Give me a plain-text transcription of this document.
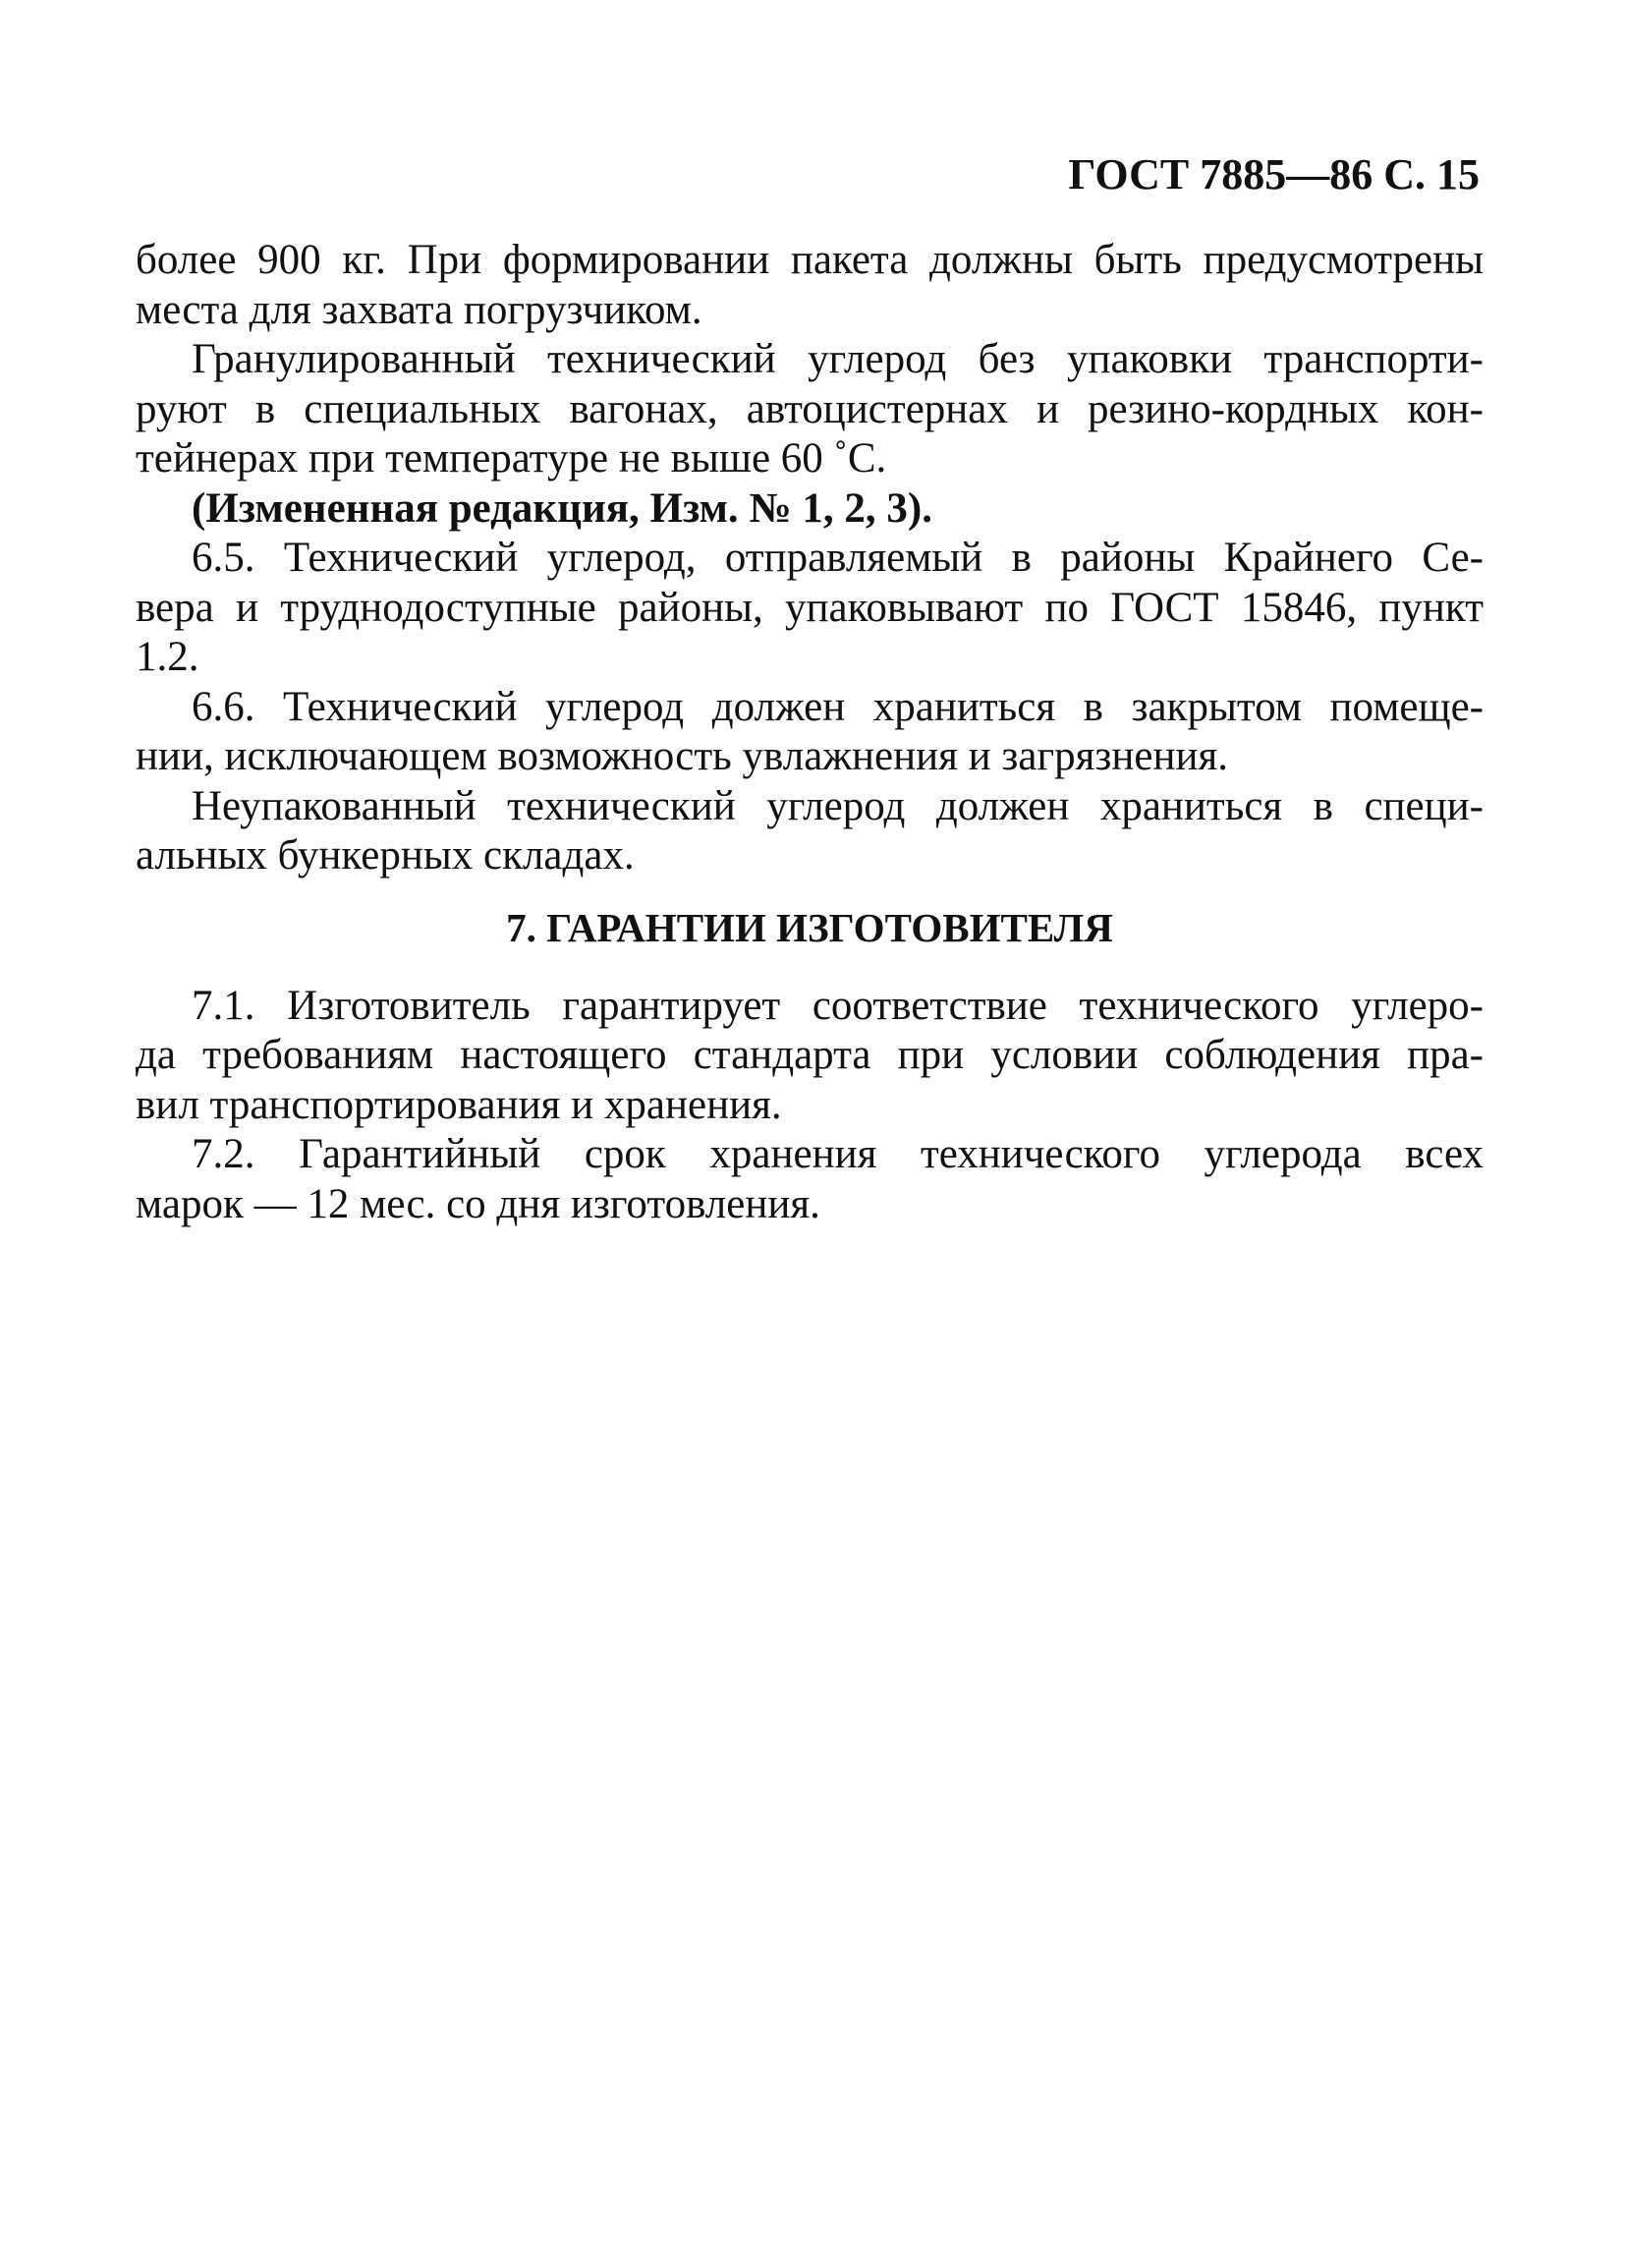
ГОСТ 7885—86 С. 15
более 900 кг. При формировании пакета должны быть предусмотрены
места для захвата погрузчиком.
Гранулированный технический углерод без упаковки транспорти-
руют в специальных вагонах, автоцистернах и резино-кордных кон-
тейнерах при температуре не выше 60 ˚С.
(Измененная редакция, Изм. № 1, 2, 3).
6.5. Технический углерод, отправляемый в районы Крайнего Се-
вера и труднодоступные районы, упаковывают по ГОСТ 15846, пункт
1.2.
6.6. Технический углерод должен храниться в закрытом помеще-
нии, исключающем возможность увлажнения и загрязнения.
Неупакованный технический углерод должен храниться в специ-
альных бункерных складах.
7. ГАРАНТИИ ИЗГОТОВИТЕЛЯ
7.1. Изготовитель гарантирует соответствие технического углеро-
да требованиям настоящего стандарта при условии соблюдения пра-
вил транспортирования и хранения.
7.2. Гарантийный срок хранения технического углерода всех
марок — 12 мес. со дня изготовления.
